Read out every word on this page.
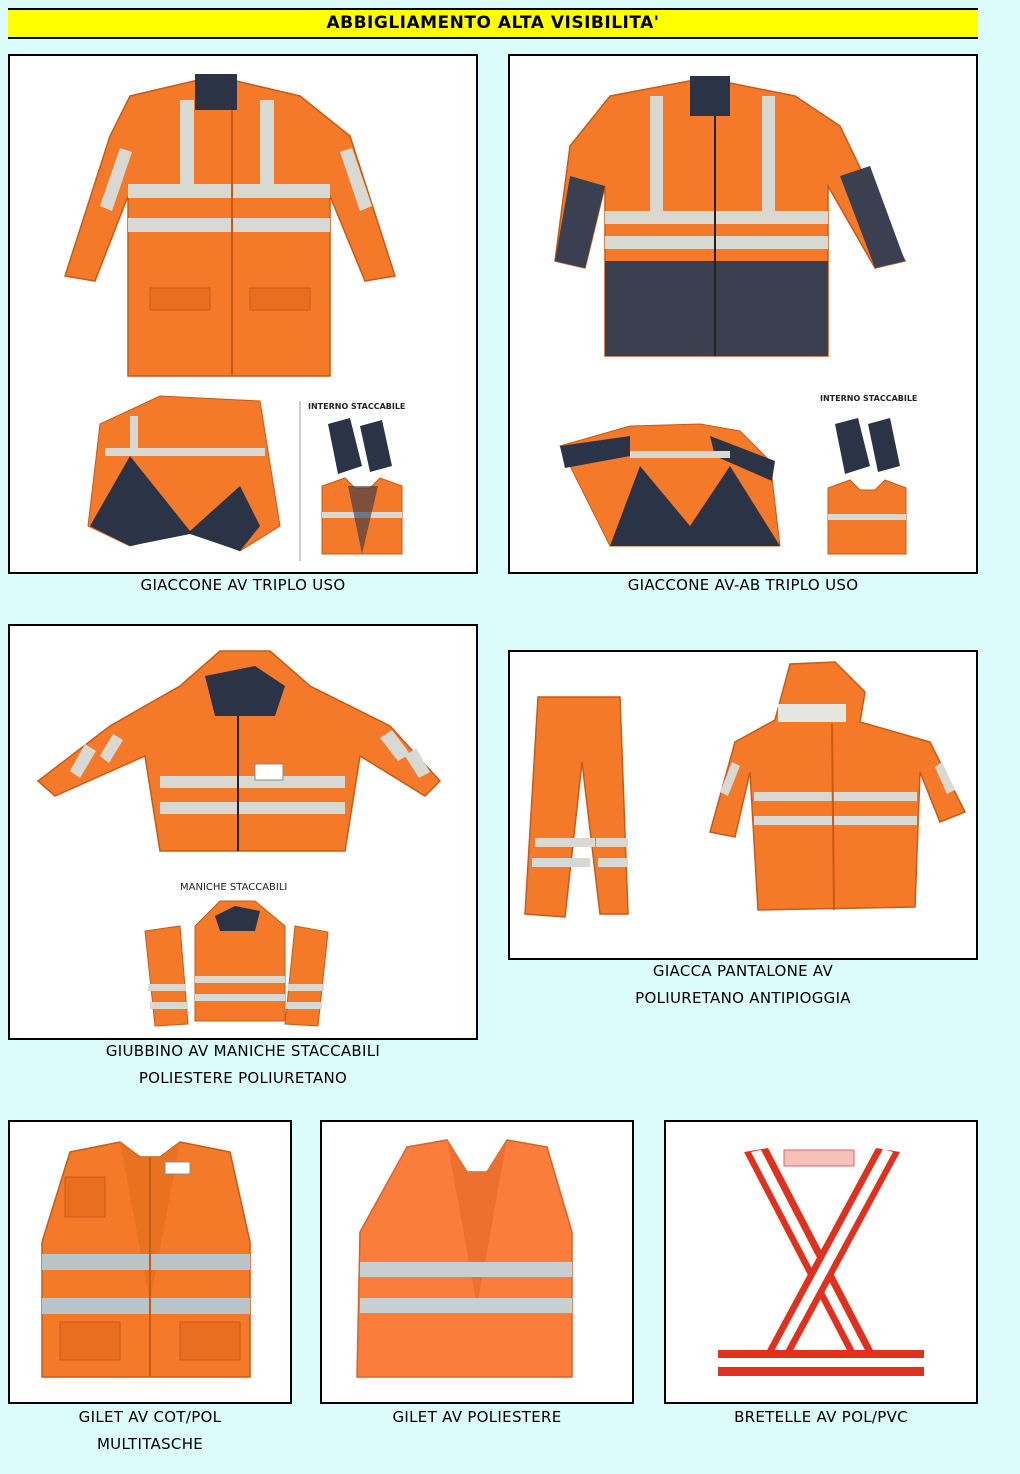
ABBIGLIAMENTO ALTA VISIBILITA'
INTERNO STACCABILE
GIACCONE AV TRIPLO USO
INTERNO STACCABILE
GIACCONE AV-AB TRIPLO USO
MANICHE STACCABILI
GIUBBINO AV MANICHE STACCABILI
POLIESTERE POLIURETANO
GIACCA PANTALONE AV
POLIURETANO ANTIPIOGGIA
GILET AV COT/POL
MULTITASCHE
GILET AV POLIESTERE	BRETELLE AV POL/PVC
